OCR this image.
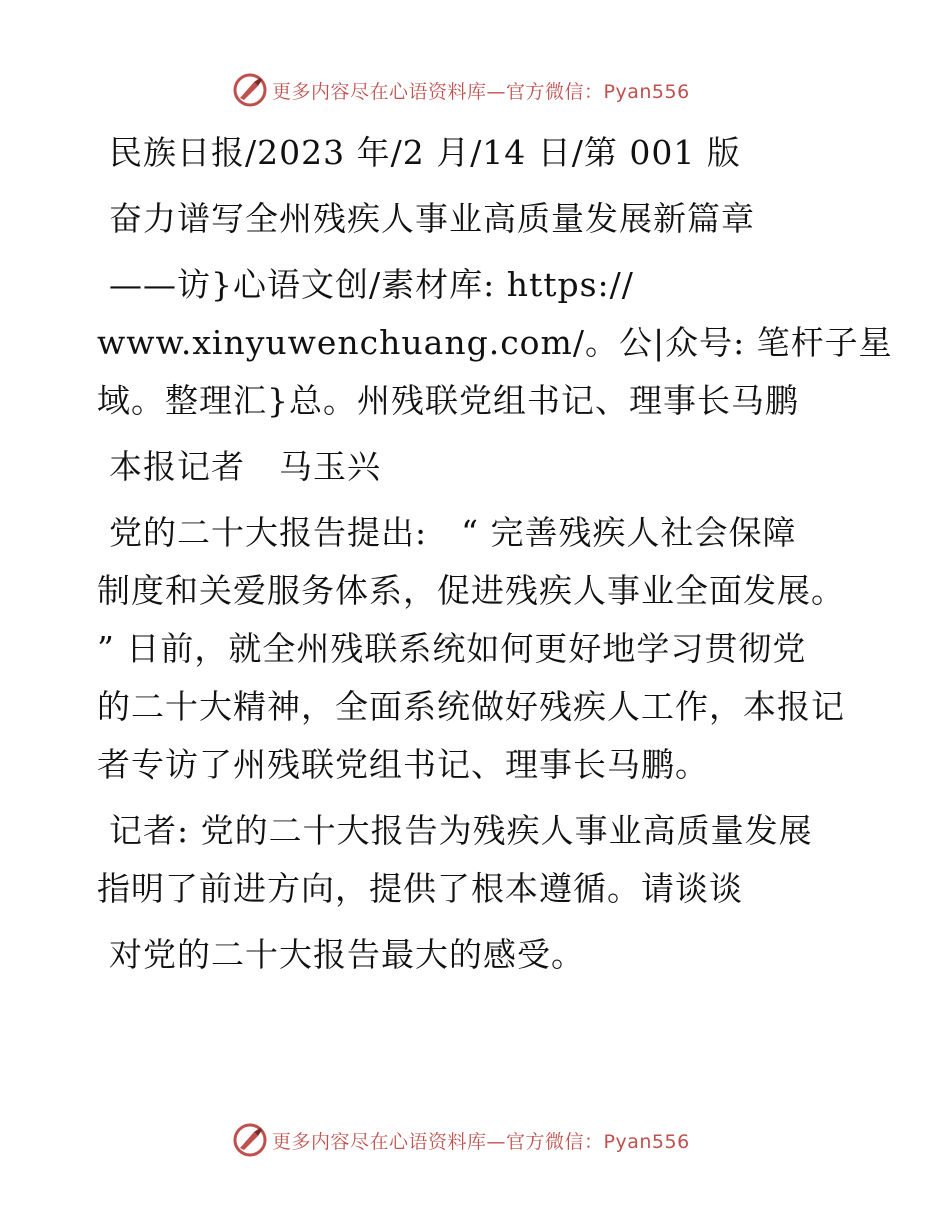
更多内容尽在心语资料库—官方微信：Pyan556

民族日报/2023 年/2 月/14 日/第 001 版

奋力谱写全州残疾人事业高质量发展新篇章

——访}心语文创/素材库: https://

www.xinyuwenchuang.com/。公|众号: 笔杆子星

域。整理汇}总。州残联党组书记、理事长马鹏

本报记者　马玉兴

党的二十大报告提出:　“ 完善残疾人社会保障

制度和关爱服务体系，促进残疾人事业全面发展。

” 日前，就全州残联系统如何更好地学习贯彻党

的二十大精神，全面系统做好残疾人工作，本报记

者专访了州残联党组书记、理事长马鹏。

记者: 党的二十大报告为残疾人事业高质量发展

指明了前进方向，提供了根本遵循。请谈谈

对党的二十大报告最大的感受。

更多内容尽在心语资料库—官方微信：Pyan556
